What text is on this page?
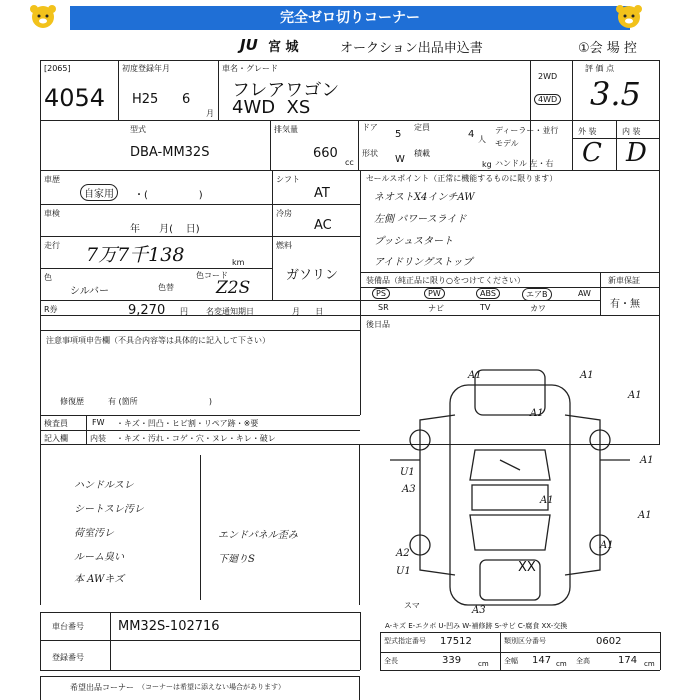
完全ゼロ切りコーナー
JU 宮 城	オークション出品申込書	①会 場 控
[2065]
4054
初度登録年月
H25 6
月
車名・グレード
フレアワゴン
4WD  XS
2WD
4WD
評 価 点
3.5
型式
DBA-MM32S
排気量
660
cc
ドア
5
定員
4 人
ディーラー・並行
形状
W
積載
kg
モデル
ハンドル 左・右
外 装	内 装
C D
車歴
自家用	・(                )
車検
年      月(    日)
走行 7万7千138	km
色
シルバー	色替
色コード
Z2S
R券	9,270 円 名変通知期日	月      日
シフト
AT
冷房
AC
燃料
ガソリン
セールスポイント（正常に機能するものに限ります）
ネオストⅩ4インチAW
左側 パワースライド
プッシュスタート
アイドリングストップ
装備品（純正品に限り○をつけてください）	新車保証
PS	PW	ABS	エアB	AW
SR	ナビ	TV	カワ	有・無
後日品
注意事項項申告欄（不具合内容等は具体的に記入して下さい）
修復歴	有 (箇所                            )
検査員
記入欄
FW
内装
・キズ・凹凸・ヒビ割・リペア跡・※要
・キズ・汚れ・コゲ・穴・ヌレ・キレ・破レ
ハンドルスレ
シートスレ汚レ
荷室汚レ
ルーム臭い
本 AWキズ
エンドパネル歪み
下廻りS
A1	A1
A1
A1
A1
A1
U1
A3
A1
A1
A2
U1	XX
A3
スマ
A-キズ E-エクボ U-凹み W-補修跡 S-サビ C-腐食 XX-交換
車台番号	MM32S-102716
登録番号
型式指定番号 17512	類別区分番号	0602
全長	339 cm 全幅 147 cm 全高	174 cm
希望出品コーナー （コーナーは希望に添えない場合があります）
